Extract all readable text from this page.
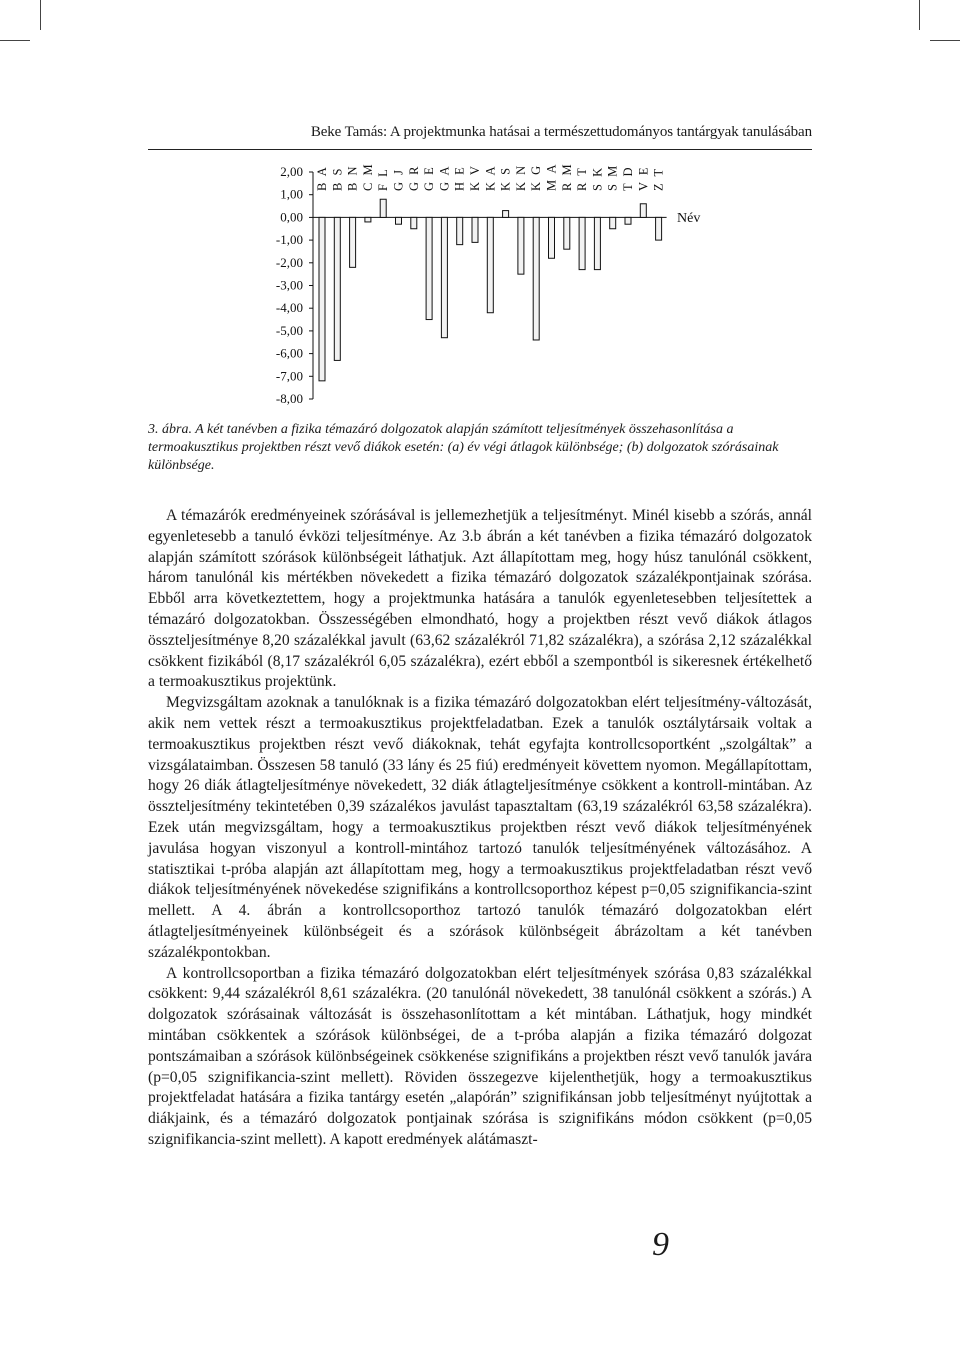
Beke Tamás: A projektmunka hatásai a természettudományos tantárgyak tanulásában
2,00
1,00
0,00
-1,00
-2,00
-3,00
-4,00
-5,00
-6,00
-7,00
-8,00
B A B S B N C M F L G J G R G E G A H E K V K A K S K N K G M A R M R T S K S M T D V E Z T
Név
3. ábra. A két tanévben a fizika témazáró dolgozatok alapján számított teljesítmények összehasonlítása a termoakusztikus projektben részt vevő diákok esetén: (a) év végi átlagok különbsége; (b) dolgozatok szórásainak különbsége.

A témazárók eredményeinek szórásával is jellemezhetjük a teljesítményt. Minél kisebb a szórás, annál egyenletesebb a tanuló évközi teljesítménye. Az 3.b ábrán a két tanévben a fizika témazáró dolgozatok alapján számított szórások különbségeit láthatjuk. Azt állapítottam meg, hogy húsz tanulónál csökkent, három tanulónál kis mértékben növekedett a fizika témazáró dolgozatok százalékpontjainak szórása. Ebből arra következtettem, hogy a projektmunka hatására a tanulók egyenletesebben teljesítettek a témazáró dolgozatokban. Összességében elmondható, hogy a projektben részt vevő diákok átlagos összteljesítménye 8,20 százalékkal javult (63,62 százalékról 71,82 százalékra), a szórása 2,12 százalékkal csökkent fizikából (8,17 százalékról 6,05 százalékra), ezért ebből a szempontból is sikeresnek értékelhető a termoakusztikus projektünk.

Megvizsgáltam azoknak a tanulóknak is a fizika témazáró dolgozatokban elért teljesítmény-változását, akik nem vettek részt a termoakusztikus projektfeladatban. Ezek a tanulók osztálytársaik voltak a termoakusztikus projektben részt vevő diákoknak, tehát egyfajta kontrollcsoportként „szolgáltak” a vizsgálataimban. Összesen 58 tanuló (33 lány és 25 fiú) eredményeit követtem nyomon. Megállapítottam, hogy 26 diák átlagteljesítménye növekedett, 32 diák átlagteljesítménye csökkent a kontroll-mintában. Az összteljesítmény tekintetében 0,39 százalékos javulást tapasztaltam (63,19 százalékról 63,58 százalékra). Ezek után megvizsgáltam, hogy a termoakusztikus projektben részt vevő diákok teljesítményének javulása hogyan viszonyul a kontroll-mintához tartozó tanulók teljesítményének változásához. A statisztikai t-próba alapján azt állapítottam meg, hogy a termoakusztikus projektfeladatban részt vevő diákok teljesítményének növekedése szignifikáns a kontrollcsoporthoz képest p=0,05 szignifikancia-szint mellett. A 4. ábrán a kontrollcsoporthoz tartozó tanulók témazáró dolgozatokban elért átlagteljesítményeinek különbségeit és a szórások különbségeit ábrázoltam a két tanévben százalékpontokban.

A kontrollcsoportban a fizika témazáró dolgozatokban elért teljesítmények szórása 0,83 százalékkal csökkent: 9,44 százalékról 8,61 százalékra. (20 tanulónál növekedett, 38 tanulónál csökkent a szórás.) A dolgozatok szórásainak változását is összehasonlítottam a két mintában. Láthatjuk, hogy mindkét mintában csökkentek a szórások különbségei, de a t-próba alapján a fizika témazáró dolgozat pontszámaiban a szórások különbségeinek csökkenése szignifikáns a projektben részt vevő tanulók javára (p=0,05 szignifikancia-szint mellett). Röviden összegezve kijelenthetjük, hogy a termoakusztikus projektfeladat hatására a fizika tantárgy esetén „alapórán” szignifikánsan jobb teljesítményt nyújtottak a diákjaink, és a témazáró dolgozatok pontjainak szórása is szignifikáns módon csökkent (p=0,05 szignifikancia-szint mellett). A kapott eredmények alátámaszt-

9
